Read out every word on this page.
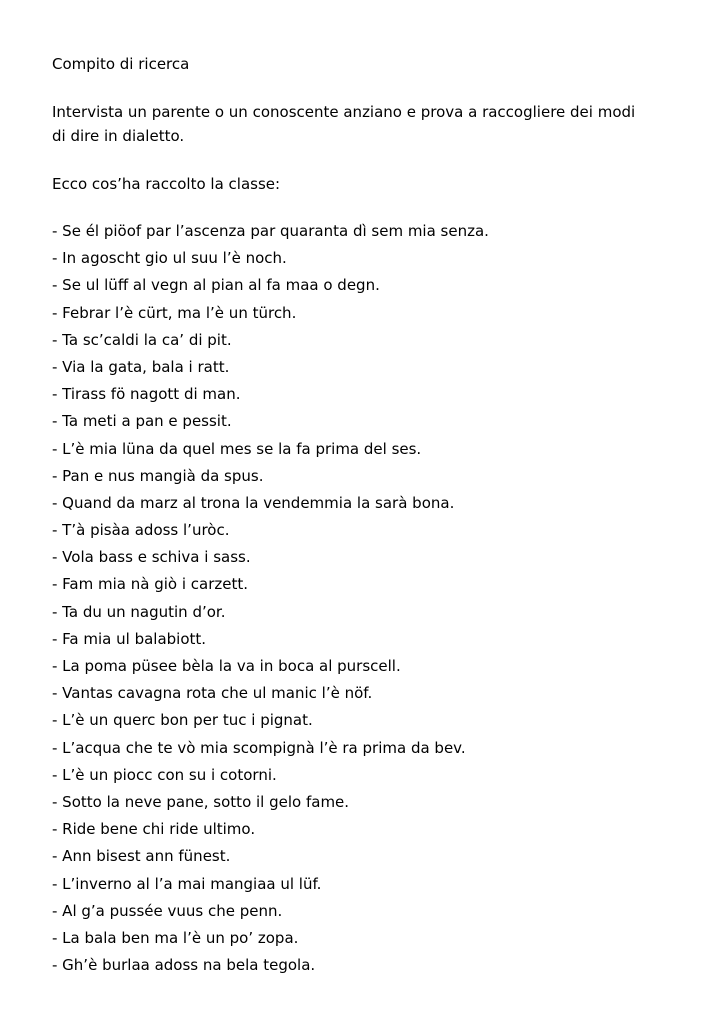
Compito di ricerca

Intervista un parente o un conoscente anziano e prova a raccogliere dei modi
di dire in dialetto.

Ecco cos’ha raccolto la classe:

- Se él piöof par l’ascenza par quaranta dì sem mia senza.
- In agoscht gio ul suu l’è noch.
- Se ul lüff al vegn al pian al fa maa o degn.
- Febrar l’è cürt, ma l’è un türch.
- Ta sc’caldi la ca’ di pit.
- Via la gata, bala i ratt.
- Tirass fö nagott di man.
- Ta meti a pan e pessit.
- L’è mia lüna da quel mes se la fa prima del ses.
- Pan e nus mangià da spus.
- Quand da marz al trona la vendemmia la sarà bona.
- T’à pisàa adoss l’uròc.
- Vola bass e schiva i sass.
- Fam mia nà giò i carzett.
- Ta du un nagutin d’or.
- Fa mia ul balabiott.
- La poma püsee bèla la va in boca al purscell.
- Vantas cavagna rota che ul manic l’è nöf.
- L’è un querc bon per tuc i pignat.
- L’acqua che te vò mia scompignà l’è ra prima da bev.
- L’è un piocc con su i cotorni.
- Sotto la neve pane, sotto il gelo fame.
- Ride bene chi ride ultimo.
- Ann bisest ann fünest.
- L’inverno al l’a mai mangiaa ul lüf.
- Al g’a pussée vuus che penn.
- La bala ben ma l’è un po’ zopa.
- Gh’è burlaa adoss na bela tegola.
